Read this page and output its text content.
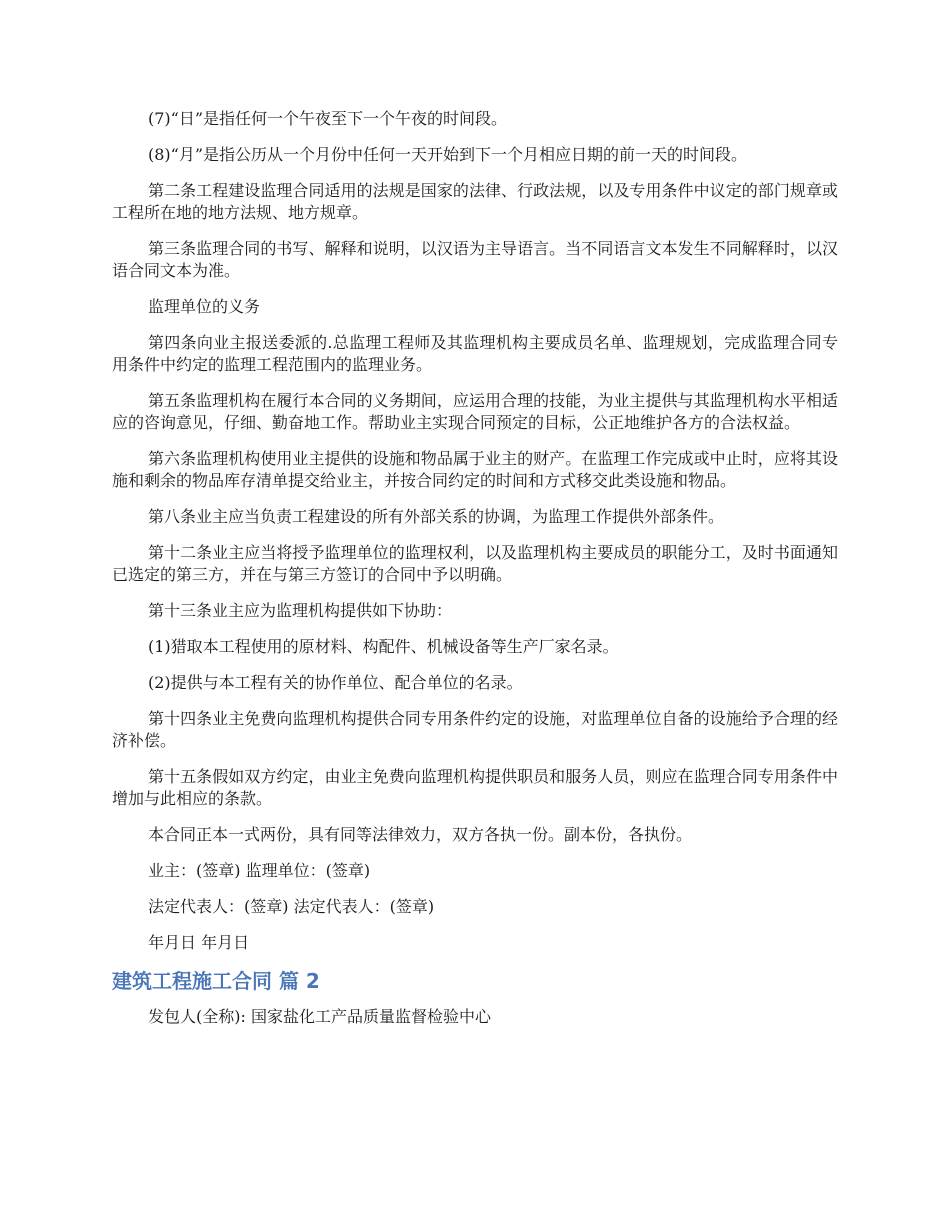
(7)“日”是指任何一个午夜至下一个午夜的时间段。

(8)“月”是指公历从一个月份中任何一天开始到下一个月相应日期的前一天的时间段。

第二条工程建设监理合同适用的法规是国家的法律、行政法规，以及专用条件中议定的部门规章或工程所在地的地方法规、地方规章。

第三条监理合同的书写、解释和说明，以汉语为主导语言。当不同语言文本发生不同解释时，以汉语合同文本为准。

监理单位的义务

第四条向业主报送委派的.总监理工程师及其监理机构主要成员名单、监理规划，完成监理合同专用条件中约定的监理工程范围内的监理业务。

第五条监理机构在履行本合同的义务期间，应运用合理的技能，为业主提供与其监理机构水平相适应的咨询意见，仔细、勤奋地工作。帮助业主实现合同预定的目标，公正地维护各方的合法权益。

第六条监理机构使用业主提供的设施和物品属于业主的财产。在监理工作完成或中止时，应将其设施和剩余的物品库存清单提交给业主，并按合同约定的时间和方式移交此类设施和物品。

第八条业主应当负责工程建设的所有外部关系的协调，为监理工作提供外部条件。

第十二条业主应当将授予监理单位的监理权利，以及监理机构主要成员的职能分工，及时书面通知已选定的第三方，并在与第三方签订的合同中予以明确。

第十三条业主应为监理机构提供如下协助：

(1)猎取本工程使用的原材料、构配件、机械设备等生产厂家名录。

(2)提供与本工程有关的协作单位、配合单位的名录。

第十四条业主免费向监理机构提供合同专用条件约定的设施，对监理单位自备的设施给予合理的经济补偿。

第十五条假如双方约定，由业主免费向监理机构提供职员和服务人员，则应在监理合同专用条件中增加与此相应的条款。

本合同正本一式两份，具有同等法律效力，双方各执一份。副本份，各执份。

业主：(签章) 监理单位：(签章)

法定代表人：(签章) 法定代表人：(签章)

年月日 年月日

建筑工程施工合同 篇 2

发包人(全称): 国家盐化工产品质量监督检验中心
